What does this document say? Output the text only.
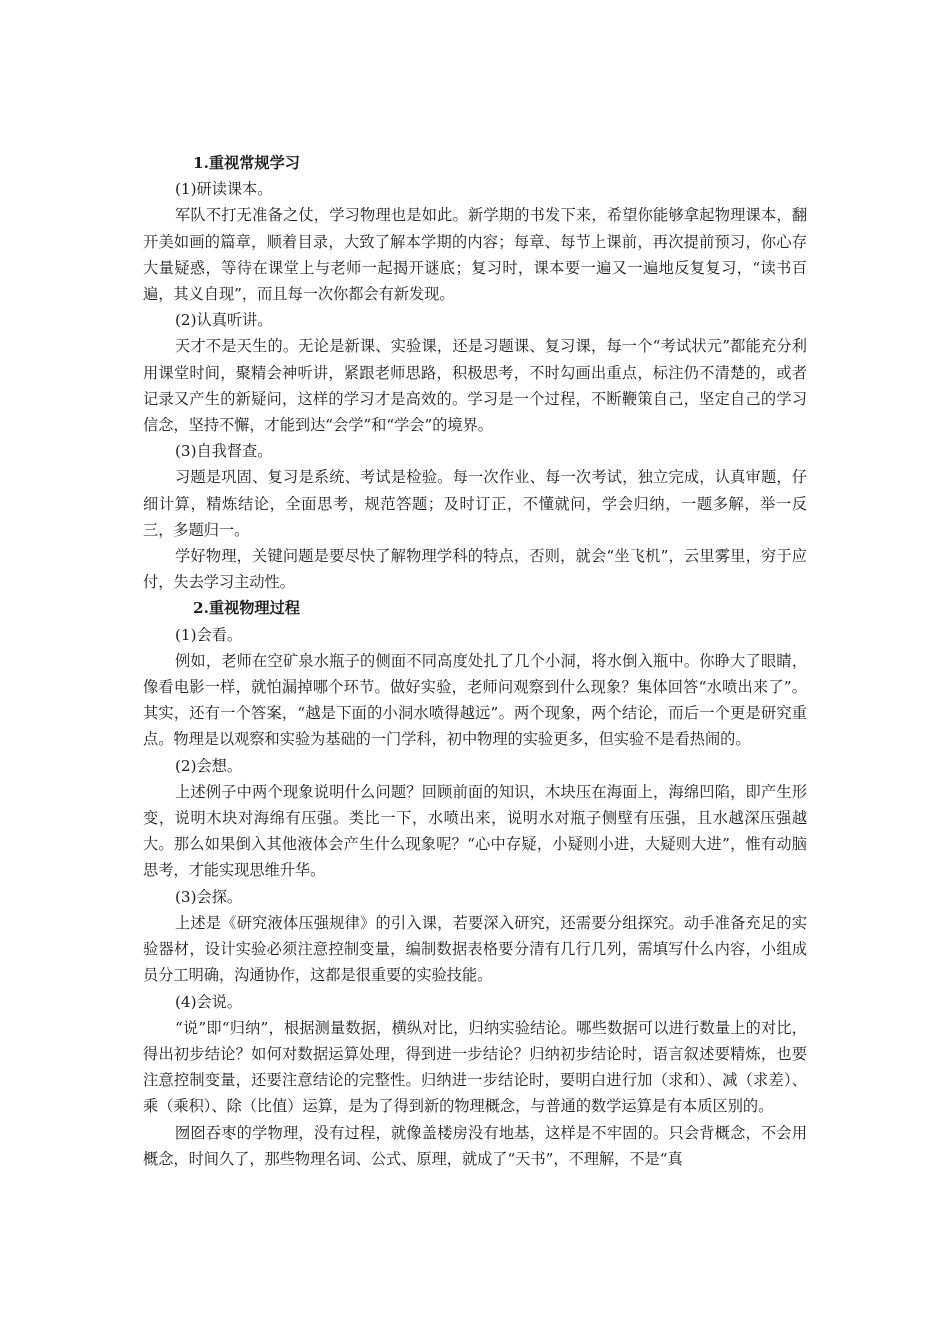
1.重视常规学习

(1)研读课本。

军队不打无准备之仗，学习物理也是如此。新学期的书发下来，希望你能够拿起物理课本，翻开美如画的篇章，顺着目录，大致了解本学期的内容；每章、每节上课前，再次提前预习，你心存大量疑惑，等待在课堂上与老师一起揭开谜底；复习时，课本要一遍又一遍地反复复习，“读书百遍，其义自现”，而且每一次你都会有新发现。

(2)认真听讲。

天才不是天生的。无论是新课、实验课，还是习题课、复习课，每一个“考试状元”都能充分利用课堂时间，聚精会神听讲，紧跟老师思路，积极思考，不时勾画出重点，标注仍不清楚的，或者记录又产生的新疑问，这样的学习才是高效的。学习是一个过程，不断鞭策自己，坚定自己的学习信念，坚持不懈，才能到达“会学”和“学会”的境界。

(3)自我督查。

习题是巩固、复习是系统、考试是检验。每一次作业、每一次考试，独立完成，认真审题，仔细计算，精炼结论，全面思考，规范答题；及时订正，不懂就问，学会归纳，一题多解，举一反三，多题归一。

学好物理，关键问题是要尽快了解物理学科的特点，否则，就会“坐飞机”，云里雾里，穷于应付，失去学习主动性。

2.重视物理过程

(1)会看。

例如，老师在空矿泉水瓶子的侧面不同高度处扎了几个小洞，将水倒入瓶中。你睁大了眼睛，像看电影一样，就怕漏掉哪个环节。做好实验，老师问观察到什么现象？集体回答“水喷出来了”。其实，还有一个答案，“越是下面的小洞水喷得越远”。两个现象，两个结论，而后一个更是研究重点。物理是以观察和实验为基础的一门学科，初中物理的实验更多，但实验不是看热闹的。

(2)会想。

上述例子中两个现象说明什么问题？回顾前面的知识，木块压在海面上，海绵凹陷，即产生形变，说明木块对海绵有压强。类比一下，水喷出来，说明水对瓶子侧壁有压强，且水越深压强越大。那么如果倒入其他液体会产生什么现象呢？“心中存疑，小疑则小进，大疑则大进”，惟有动脑思考，才能实现思维升华。

(3)会探。

上述是《研究液体压强规律》的引入课，若要深入研究，还需要分组探究。动手准备充足的实验器材，设计实验必须注意控制变量，编制数据表格要分清有几行几列，需填写什么内容，小组成员分工明确，沟通协作，这都是很重要的实验技能。

(4)会说。

“说”即“归纳”，根据测量数据，横纵对比，归纳实验结论。哪些数据可以进行数量上的对比，得出初步结论？如何对数据运算处理，得到进一步结论？归纳初步结论时，语言叙述要精炼，也要注意控制变量，还要注意结论的完整性。归纳进一步结论时，要明白进行加（求和）、减（求差）、乘（乘积）、除（比值）运算，是为了得到新的物理概念，与普通的数学运算是有本质区别的。

囫囵吞枣的学物理，没有过程，就像盖楼房没有地基，这样是不牢固的。只会背概念，不会用概念，时间久了，那些物理名词、公式、原理，就成了“天书”，不理解，不是“真
